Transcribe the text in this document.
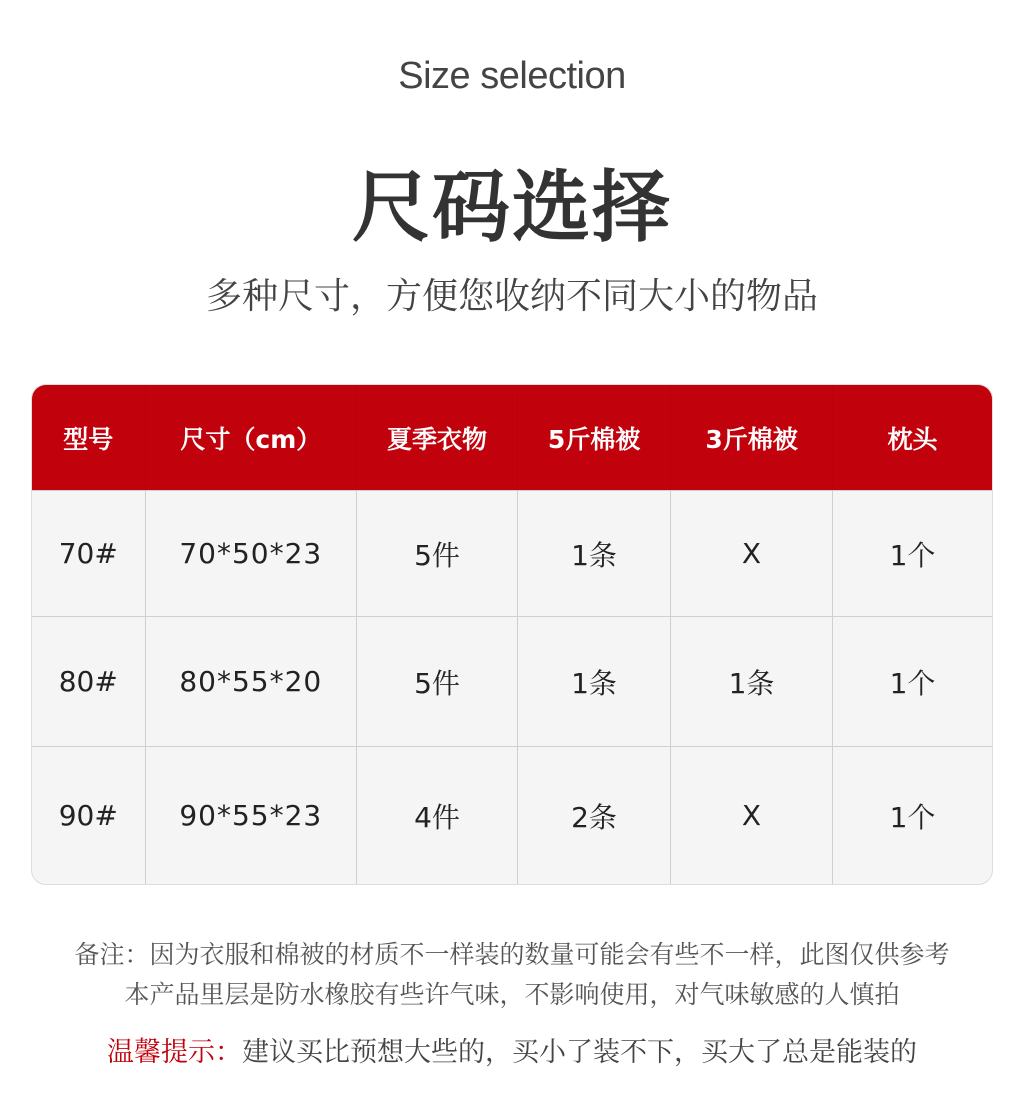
Size selection
尺码选择
多种尺寸，方便您收纳不同大小的物品
型号	尺寸（cm）	夏季衣物	5斤棉被	3斤棉被	枕头
70#	70*50*23	5件	1条	X	1个
80#	80*55*20	5件	1条	1条	1个
90#	90*55*23	4件	2条	X	1个
备注：因为衣服和棉被的材质不一样装的数量可能会有些不一样，此图仅供参考
本产品里层是防水橡胶有些许气味，不影响使用，对气味敏感的人慎拍
温馨提示：建议买比预想大些的，买小了装不下，买大了总是能装的
